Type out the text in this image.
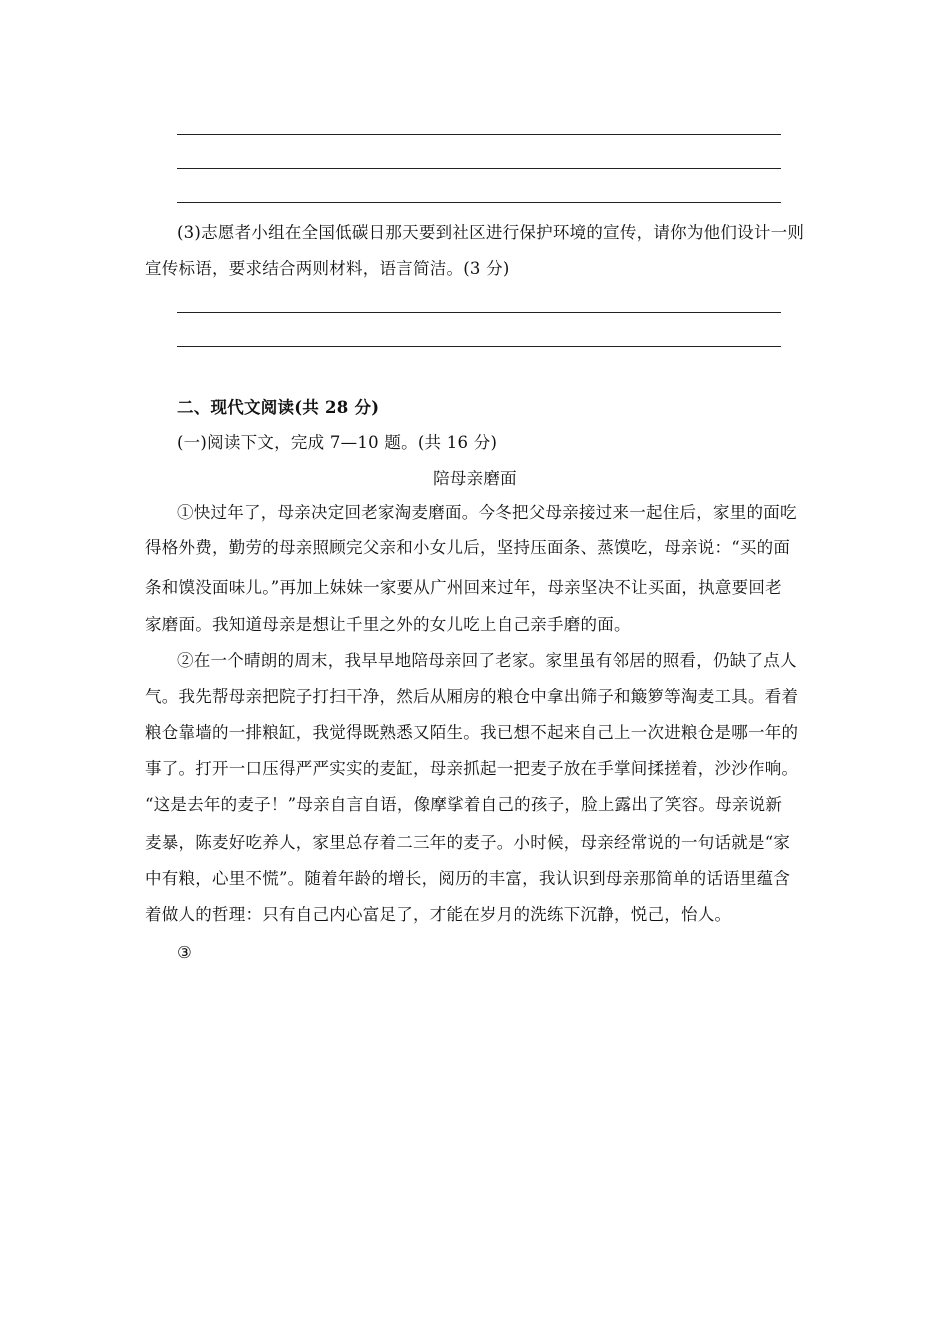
(3)志愿者小组在全国低碳日那天要到社区进行保护环境的宣传，请你为他们设计一则
宣传标语，要求结合两则材料，语言简洁。(3 分)
二、现代文阅读(共 28 分)
(一)阅读下文，完成 7—10 题。(共 16 分)
陪母亲磨面
①快过年了，母亲决定回老家淘麦磨面。今冬把父母亲接过来一起住后，家里的面吃
得格外费，勤劳的母亲照顾完父亲和小女儿后，坚持压面条、蒸馍吃，母亲说：“买的面
条和馍没面味儿。”再加上妹妹一家要从广州回来过年，母亲坚决不让买面，执意要回老
家磨面。我知道母亲是想让千里之外的女儿吃上自己亲手磨的面。
②在一个晴朗的周末，我早早地陪母亲回了老家。家里虽有邻居的照看，仍缺了点人
气。我先帮母亲把院子打扫干净，然后从厢房的粮仓中拿出筛子和簸箩等淘麦工具。看着
粮仓靠墙的一排粮缸，我觉得既熟悉又陌生。我已想不起来自己上一次进粮仓是哪一年的
事了。打开一口压得严严实实的麦缸，母亲抓起一把麦子放在手掌间揉搓着，沙沙作响。
“这是去年的麦子！”母亲自言自语，像摩挲着自己的孩子，脸上露出了笑容。母亲说新
麦暴，陈麦好吃养人，家里总存着二三年的麦子。小时候，母亲经常说的一句话就是“家
中有粮，心里不慌”。随着年龄的增长，阅历的丰富，我认识到母亲那简单的话语里蕴含
着做人的哲理：只有自己内心富足了，才能在岁月的洗练下沉静，悦己，怡人。
③
